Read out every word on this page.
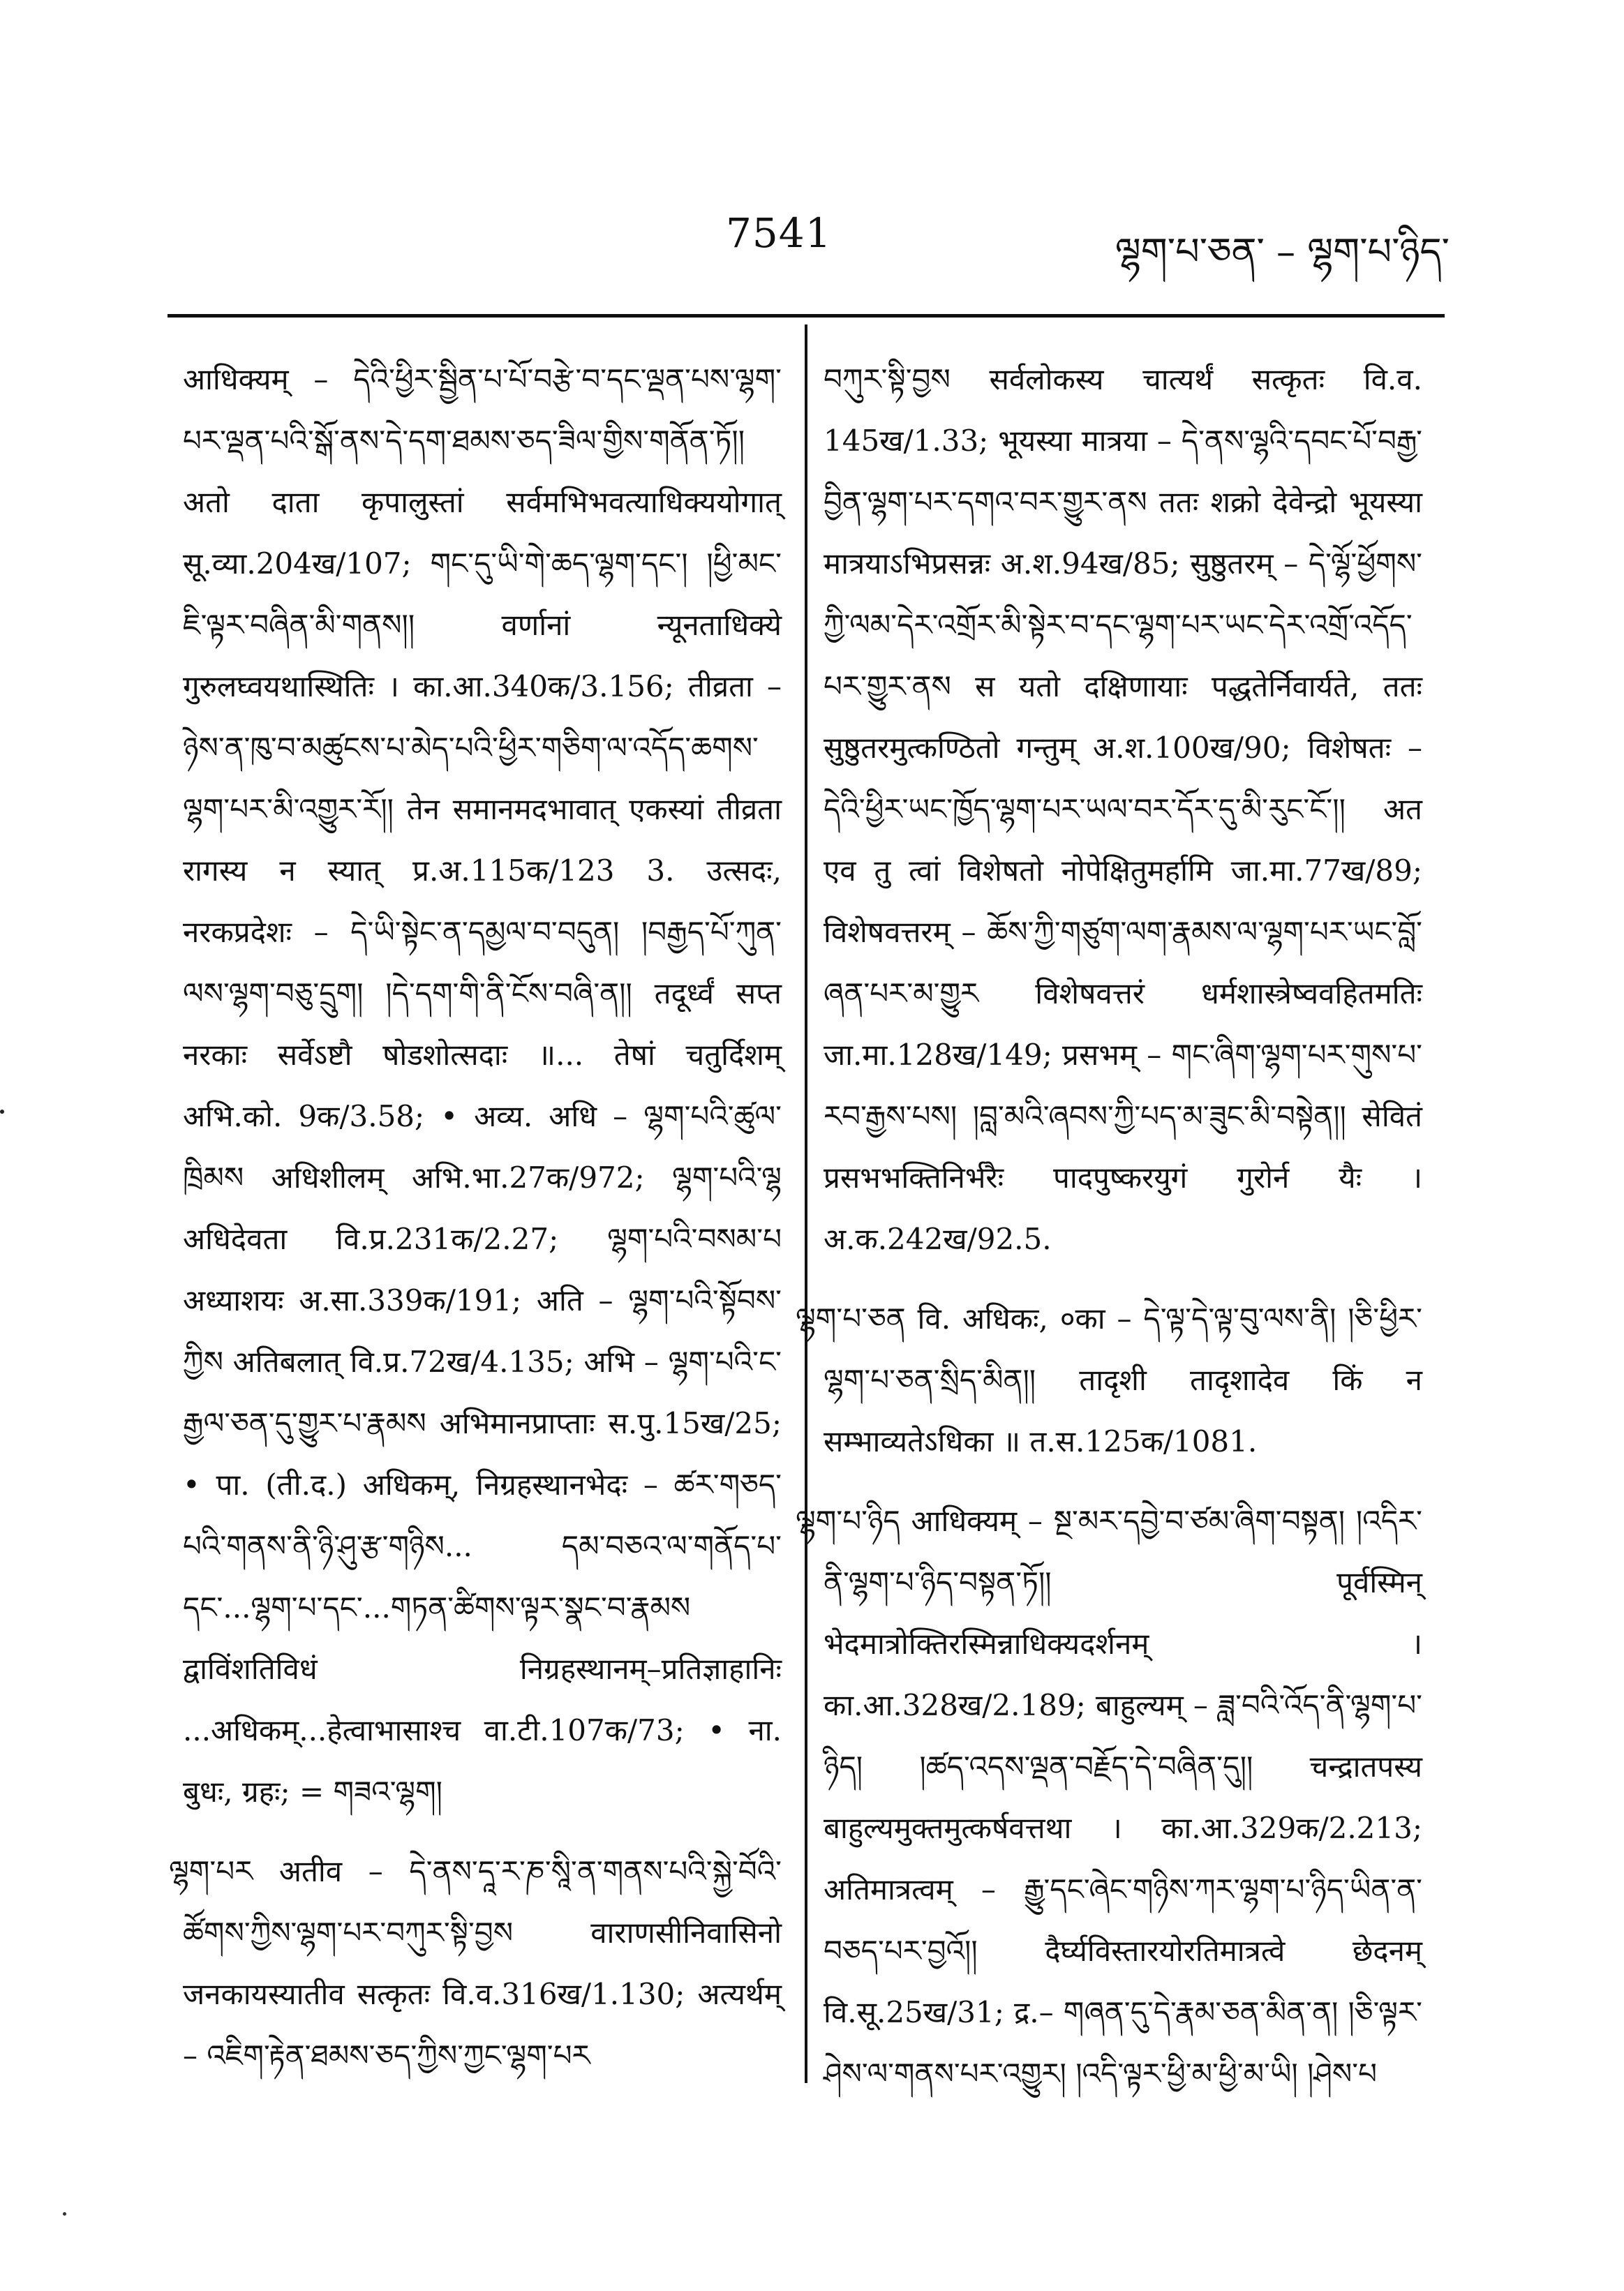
7541	ལྷག་པ་ཅན་ – ལྷག་པ་ཉིད་

आधिक्यम् – དེའི་ཕྱིར་སྦྱིན་པ་པོ་བརྩེ་བ་དང་ལྡན་པས་ལྷག་པར་ལྡན་པའི་སྒོ་ནས་དེ་དག་ཐམས་ཅད་ཟིལ་གྱིས་གནོན་ཏོ།། अतो दाता कृपालुस्तां सर्वमभिभवत्याधिक्ययोगात् सू.व्या.204ख/107; གང་དུ་ཡི་གེ་ཆད་ལྷག་དང་། །ཕྱི་མང་ཇི་ལྟར་བཞིན་མི་གནས།། वर्णानां न्यूनताधिक्ये गुरुलघ्वयथास्थितिः । का.आ.340क/3.156; तीव्रता – ཉེས་ན་ཁུ་བ་མཚུངས་པ་མེད་པའི་ཕྱིར་གཅིག་ལ་འདོད་ཆགས་ལྷག་པར་མི་འགྱུར་རོ།། तेन समानमदभावात् एकस्यां तीव्रता रागस्य न स्यात् प्र.अ.115क/123 3. उत्सदः, नरकप्रदेशः – དེ་ཡི་སྟེང་ན་དམྱལ་བ་བདུན། །བརྒྱད་པོ་ཀུན་ལས་ལྷག་བཅུ་དྲུག། །དེ་དག་གི་ནི་ངོས་བཞི་ན།། तदूर्ध्वं सप्त नरकाः सर्वेऽष्टौ षोडशोत्सदाः ॥... तेषां चतुर्दिशम् अभि.को. 9क/3.58; • अव्य. अधि – ལྷག་པའི་ཚུལ་ཁྲིམས अधिशीलम् अभि.भा.27क/972; ལྷག་པའི་ལྷ अधिदेवता वि.प्र.231क/2.27; ལྷག་པའི་བསམ་པ अध्याशयः अ.सा.339क/191; अति – ལྷག་པའི་སྟོབས་ཀྱིས अतिबलात् वि.प्र.72ख/4.135; अभि – ལྷག་པའི་ང་རྒྱལ་ཅན་དུ་གྱུར་པ་རྣམས अभिमानप्राप्ताः स.पु.15ख/25; • पा. (ती.द.) अधिकम्, निग्रहस्थानभेदः – ཚར་གཅད་པའི་གནས་ནི་ཉི་ཤུ་རྩ་གཉིས... དམ་བཅའ་ལ་གནོད་པ་དང་...ལྷག་པ་དང་...གཏན་ཚིགས་ལྟར་སྣང་བ་རྣམས द्वाविंशतिविधं निग्रहस्थानम्–प्रतिज्ञाहानिः ...अधिकम्...हेत्वाभासाश्च वा.टी.107क/73; • ना. बुधः, ग्रहः; = གཟའ་ལྷག།

ལྷག་པར अतीव – དེ་ནས་དཱ་ར་ཎ་སཱི་ན་གནས་པའི་སྐྱེ་བོའི་ཚོགས་ཀྱིས་ལྷག་པར་བཀུར་སྟི་བྱས वाराणसीनिवासिनो जनकायस्यातीव सत्कृतः वि.व.316ख/1.130; अत्यर्थम् – འཇིག་རྟེན་ཐམས་ཅད་ཀྱིས་ཀྱང་ལྷག་པར

བཀུར་སྟི་བྱས सर्वलोकस्य चात्यर्थं सत्कृतः वि.व. 145ख/1.33; भूयस्या मात्रया – དེ་ནས་ལྷའི་དབང་པོ་བརྒྱ་བྱིན་ལྷག་པར་དགའ་བར་གྱུར་ནས ततः शक्रो देवेन्द्रो भूयस्या मात्रयाऽभिप्रसन्नः अ.श.94ख/85; सुष्ठुतरम् – དེ་ལྷོ་ཕྱོགས་ཀྱི་ལམ་དེར་འགྲོར་མི་སྟེར་བ་དང་ལྷག་པར་ཡང་དེར་འགྲོ་འདོད་པར་གྱུར་ནས स यतो दक्षिणायाः पद्धतेर्निवार्यते, ततः सुष्ठुतरमुत्कण्ठितो गन्तुम् अ.श.100ख/90; विशेषतः – དེའི་ཕྱིར་ཡང་ཁྱོད་ལྷག་པར་ཡལ་བར་དོར་དུ་མི་རུང་ངོ་།། अत एव तु त्वां विशेषतो नोपेक्षितुमर्हामि जा.मा.77ख/89; विशेषवत्तरम् – ཆོས་ཀྱི་གཙུག་ལག་རྣམས་ལ་ལྷག་པར་ཡང་བློ་ཞན་པར་མ་གྱུར विशेषवत्तरं धर्मशास्त्रेष्ववहितमतिः जा.मा.128ख/149; प्रसभम् – གང་ཞིག་ལྷག་པར་གུས་པ་རབ་རྒྱས་པས། །བླ་མའི་ཞབས་ཀྱི་པད་མ་ཟུང་མི་བསྟེན།། सेवितं प्रसभभक्तिनिर्भरैः पादपुष्करयुगं गुरोर्न यैः । अ.क.242ख/92.5.

ལྷག་པ་ཅན वि. अधिकः, ०का – དེ་ལྟ་དེ་ལྟ་བུ་ལས་ནི། །ཅི་ཕྱིར་ལྷག་པ་ཅན་སྲིད་མིན།། तादृशी तादृशादेव किं न सम्भाव्यतेऽधिका ॥ त.स.125क/1081.

ལྷག་པ་ཉིད आधिक्यम् – སྔ་མར་དབྱེ་བ་ཙམ་ཞིག་བསྟན། །འདིར་ནི་ལྷག་པ་ཉིད་བསྟན་ཏོ།། पूर्वस्मिन् भेदमात्रोक्तिरस्मिन्नाधिक्यदर्शनम् । का.आ.328ख/2.189; बाहुल्यम् – ཟླ་བའི་འོད་ནི་ལྷག་པ་ཉིད། །ཚད་འདས་ལྡན་བརྗོད་དེ་བཞིན་དུ།། चन्द्रातपस्य बाहुल्यमुक्तमुत्कर्षवत्तथा । का.आ.329क/2.213; अतिमात्रत्वम् – རྒྱུ་དང་ཞེང་གཉིས་ཀར་ལྷག་པ་ཉིད་ཡིན་ན་བཅད་པར་བྱའོ།། दैर्घ्यविस्तारयोरतिमात्रत्वे छेदनम् वि.सू.25ख/31; द्र.– གཞན་དུ་དེ་རྣམ་ཅན་མིན་ན། །ཅི་ལྟར་ཤེས་ལ་གནས་པར་འགྱུར། །འདི་ལྟར་ཕྱི་མ་ཕྱི་མ་ཡི། །ཤེས་པ
